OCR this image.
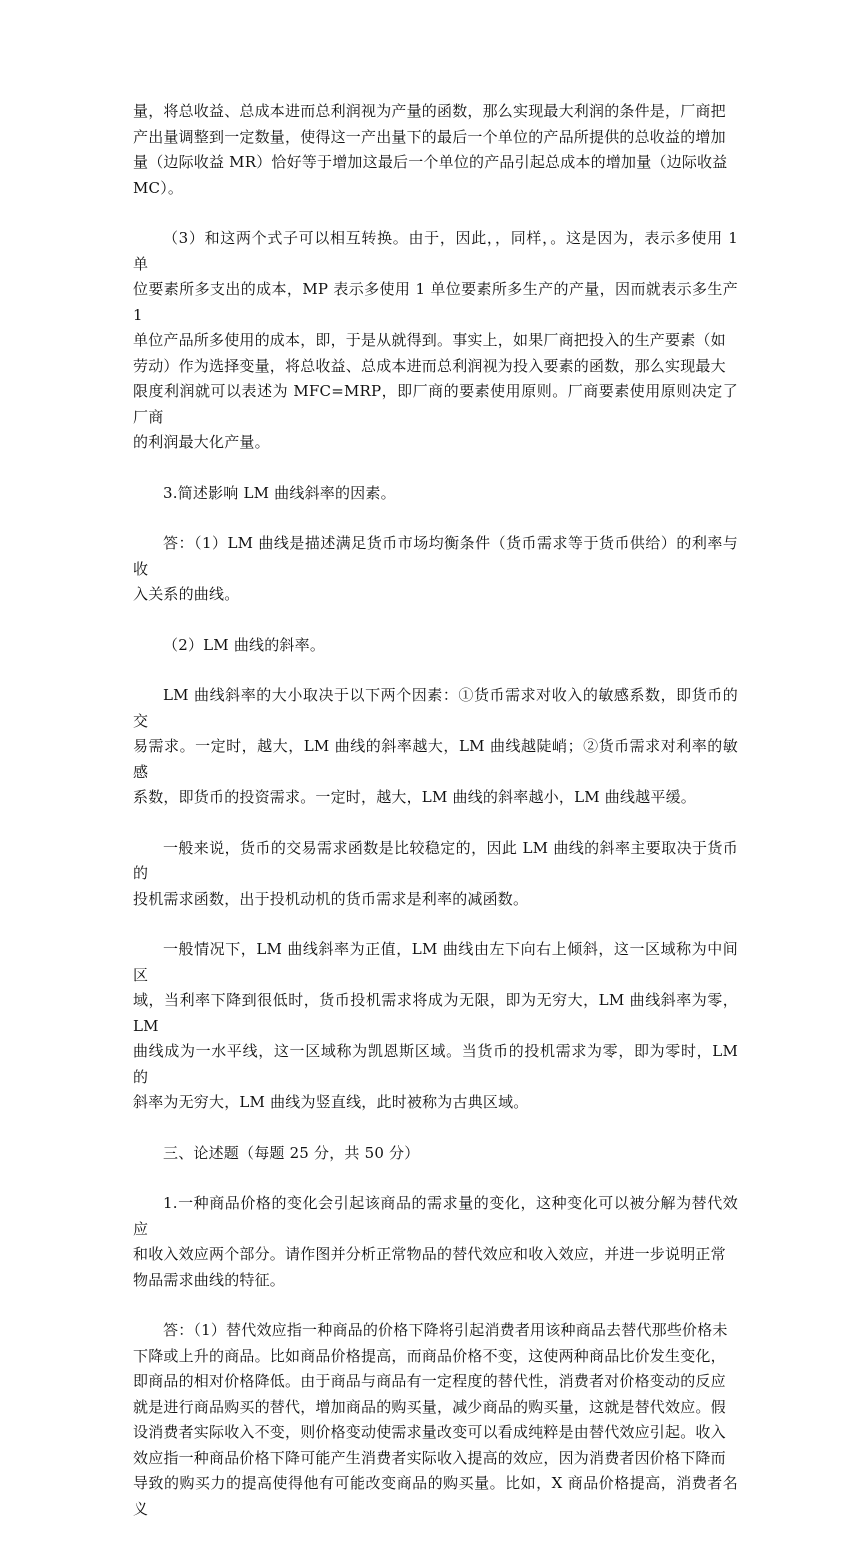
量，将总收益、总成本进而总利润视为产量的函数，那么实现最大利润的条件是，厂商把
产出量调整到一定数量，使得这一产出量下的最后一个单位的产品所提供的总收益的增加
量（边际收益 MR）恰好等于增加这最后一个单位的产品引起总成本的增加量（边际收益
MC）。
（3）和这两个式子可以相互转换。由于，因此，，同样，。这是因为，表示多使用 1 单
位要素所多支出的成本，MP 表示多使用 1 单位要素所多生产的产量，因而就表示多生产 1
单位产品所多使用的成本，即，于是从就得到。事实上，如果厂商把投入的生产要素（如
劳动）作为选择变量，将总收益、总成本进而总利润视为投入要素的函数，那么实现最大
限度利润就可以表述为 MFC=MRP，即厂商的要素使用原则。厂商要素使用原则决定了厂商
的利润最大化产量。
3.简述影响 LM 曲线斜率的因素。
答：（1）LM 曲线是描述满足货币市场均衡条件（货币需求等于货币供给）的利率与收
入关系的曲线。
（2）LM 曲线的斜率。
LM 曲线斜率的大小取决于以下两个因素：①货币需求对收入的敏感系数，即货币的交
易需求。一定时，越大，LM 曲线的斜率越大，LM 曲线越陡峭；②货币需求对利率的敏感
系数，即货币的投资需求。一定时，越大，LM 曲线的斜率越小，LM 曲线越平缓。
一般来说，货币的交易需求函数是比较稳定的，因此 LM 曲线的斜率主要取决于货币的
投机需求函数，出于投机动机的货币需求是利率的减函数。
一般情况下，LM 曲线斜率为正值，LM 曲线由左下向右上倾斜，这一区域称为中间区
域，当利率下降到很低时，货币投机需求将成为无限，即为无穷大，LM 曲线斜率为零，LM
曲线成为一水平线，这一区域称为凯恩斯区域。当货币的投机需求为零，即为零时，LM 的
斜率为无穷大，LM 曲线为竖直线，此时被称为古典区域。
三、论述题（每题 25 分，共 50 分）
1.一种商品价格的变化会引起该商品的需求量的变化，这种变化可以被分解为替代效应
和收入效应两个部分。请作图并分析正常物品的替代效应和收入效应，并进一步说明正常
物品需求曲线的特征。
答：（1）替代效应指一种商品的价格下降将引起消费者用该种商品去替代那些价格未
下降或上升的商品。比如商品价格提高，而商品价格不变，这使两种商品比价发生变化，
即商品的相对价格降低。由于商品与商品有一定程度的替代性，消费者对价格变动的反应
就是进行商品购买的替代，增加商品的购买量，减少商品的购买量，这就是替代效应。假
设消费者实际收入不变，则价格变动使需求量改变可以看成纯粹是由替代效应引起。收入
效应指一种商品价格下降可能产生消费者实际收入提高的效应，因为消费者因价格下降而
导致的购买力的提高使得他有可能改变商品的购买量。比如，X 商品价格提高，消费者名义
